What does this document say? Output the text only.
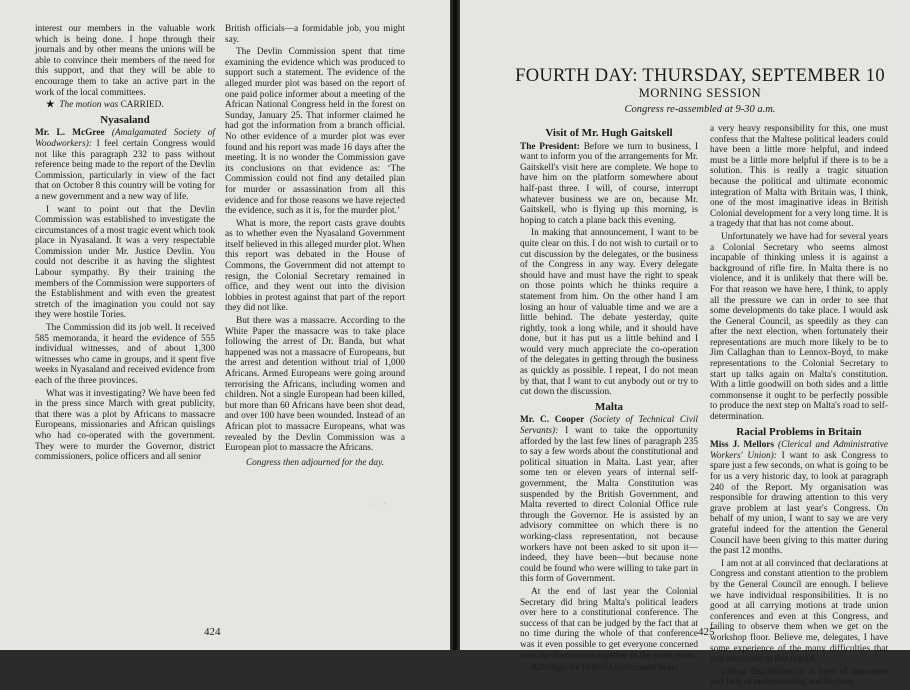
interest our members in the valuable work which is being done. I hope through their journals and by other means the unions will be able to convince their members of the need for this support, and that they will be able to encourage them to take an active part in the work of the local committees.

★ The motion was CARRIED.

Nyasaland

Mr. L. McGree (Amalgamated Society of Woodworkers): I feel certain Congress would not like this paragraph 232 to pass without reference being made to the report of the Devlin Commission, particularly in view of the fact that on October 8 this country will be voting for a new government and a new way of life.

I want to point out that the Devlin Commission was established to investigate the circumstances of a most tragic event which took place in Nyasaland. It was a very respectable Commission under Mr. Justice Devlin. You could not describe it as having the slightest Labour sympathy. By their training the members of the Commission were supporters of the Establishment and with even the greatest stretch of the imagination you could not say they were hostile Tories.

The Commission did its job well. It received 585 memoranda, it heard the evidence of 555 individual witnesses, and of about 1,300 witnesses who came in groups, and it spent five weeks in Nyasaland and received evidence from each of the three provinces.

What was it investigating? We have been fed in the press since March with great publicity, that there was a plot by Africans to massacre Europeans, missionaries and African quislings who had co-operated with the government. They were to murder the Governor, district commissioners, police officers and all senior

British officials—a formidable job, you might say.

The Devlin Commission spent that time examining the evidence which was produced to support such a statement. The evidence of the alleged murder plot was based on the report of one paid police informer about a meeting of the African National Congress held in the forest on Sunday, January 25. That informer claimed he had got the information from a branch official. No other evidence of a murder plot was ever found and his report was made 16 days after the meeting. It is no wonder the Commission gave its conclusions on that evidence as: ‘The Commission could not find any detailed plan for murder or assassination from all this evidence and for those reasons we have rejected the evidence, such as it is, for the murder plot.’

What is more, the report casts grave doubts as to whether even the Nyasaland Government itself believed in this alleged murder plot. When this report was debated in the House of Commons, the Government did not attempt to resign, the Colonial Secretary remained in office, and they went out into the division lobbies in protest against that part of the report they did not like.

But there was a massacre. According to the White Paper the massacre was to take place following the arrest of Dr. Banda, but what happened was not a massacre of Europeans, but the arrest and detention without trial of 1,000 Africans. Armed Europeans were going around terrorising the Africans, including women and children. Not a single European had been killed, but more than 60 Africans have been shot dead, and over 100 have been wounded. Instead of an African plot to massacre Europeans, what was revealed by the Devlin Commission was a European plot to massacre the Africans.

Congress then adjourned for the day.

· · ·
424
FOURTH DAY: THURSDAY, SEPTEMBER 10
MORNING SESSION
Congress re-assembled at 9-30 a.m.
Visit of Mr. Hugh Gaitskell

The President: Before we turn to business, I want to inform you of the arrangements for Mr. Gaitskell's visit here are complete. We hope to have him on the platform somewhere about half-past three. I will, of course, interrupt whatever business we are on, because Mr. Gaitskell, who is flying up this morning, is hoping to catch a plane back this evening.

In making that announcement, I want to be quite clear on this. I do not wish to curtail or to cut discussion by the delegates, or the business of the Congress in any way. Every delegate should have and must have the right to speak on those points which he thinks require a statement from him. On the other hand I am losing an hour of valuable time and we are a little behind. The debate yesterday, quite rightly, took a long while, and it should have done, but it has put us a little behind and I would very much appreciate the co-operation of the delegates in getting through the business as quickly as possible. I repeat, I do not mean by that, that I want to cut anybody out or try to cut down the discussion.

Malta

Mr. C. Cooper (Society of Technical Civil Servants): I want to take the opportunity afforded by the last few lines of paragraph 235 to say a few words about the constitutional and political situation in Malta. Last year, after some ten or eleven years of internal self-government, the Malta Constitution was suspended by the British Government, and Malta reverted to direct Colonial Office rule through the Governor. He is assisted by an advisory committee on which there is no working-class representation, not because workers have not been asked to sit upon it—indeed, they have been—but because none could be found who were willing to take part in this form of Government.

At the end of last year the Colonial Secretary did bring Malta's political leaders over here to a constitutional conference. The success of that can be judged by the fact that at no time during the whole of that conference was it even possible to get everyone concerned with the discussions together in the same room.

Although the British Government bears

a very heavy responsibility for this, one must confess that the Maltese political leaders could have been a little more helpful, and indeed must be a little more helpful if there is to be a solution. This is really a tragic situation because the political and ultimate economic integration of Malta with Britain was, I think, one of the most imaginative ideas in British Colonial development for a very long time. It is a tragedy that that has not come about.

Unfortunately we have had for several years a Colonial Secretary who seems almost incapable of thinking unless it is against a background of rifle fire. In Malta there is no violence, and it is unlikely that there will be. For that reason we have here, I think, to apply all the pressure we can in order to see that some developments do take place. I would ask the General Council, as speedily as they can after the next election, when fortunately their representations are much more likely to be to Jim Callaghan than to Lennox-Boyd, to make representations to the Colonial Secretary to start up talks again on Malta's constitution. With a little goodwill on both sides and a little commonsense it ought to be perfectly possible to produce the next step on Malta's road to self-determination.

Racial Problems in Britain

Miss J. Mellors (Clerical and Administrative Workers' Union): I want to ask Congress to spare just a few seconds, on what is going to be for us a very historic day, to look at paragraph 240 of the Report. My organisation was responsible for drawing attention to this very grave problem at last year's Congress. On behalf of my union, I want to say we are very grateful indeed for the attention the General Council have been giving to this matter during the past 12 months.

I am not at all convinced that declarations at Congress and constant attention to the problem by the General Council are enough. I believe we have individual responsibilities. It is no good at all carrying motions at trade union conferences and even at this Congress, and failing to observe them when we get on the workshop floor. Believe me, delegates, I have some experience of the many difficulties that you encounter in this regard.

Colour discrimination is born of ignorance and lack of understanding and because

425
